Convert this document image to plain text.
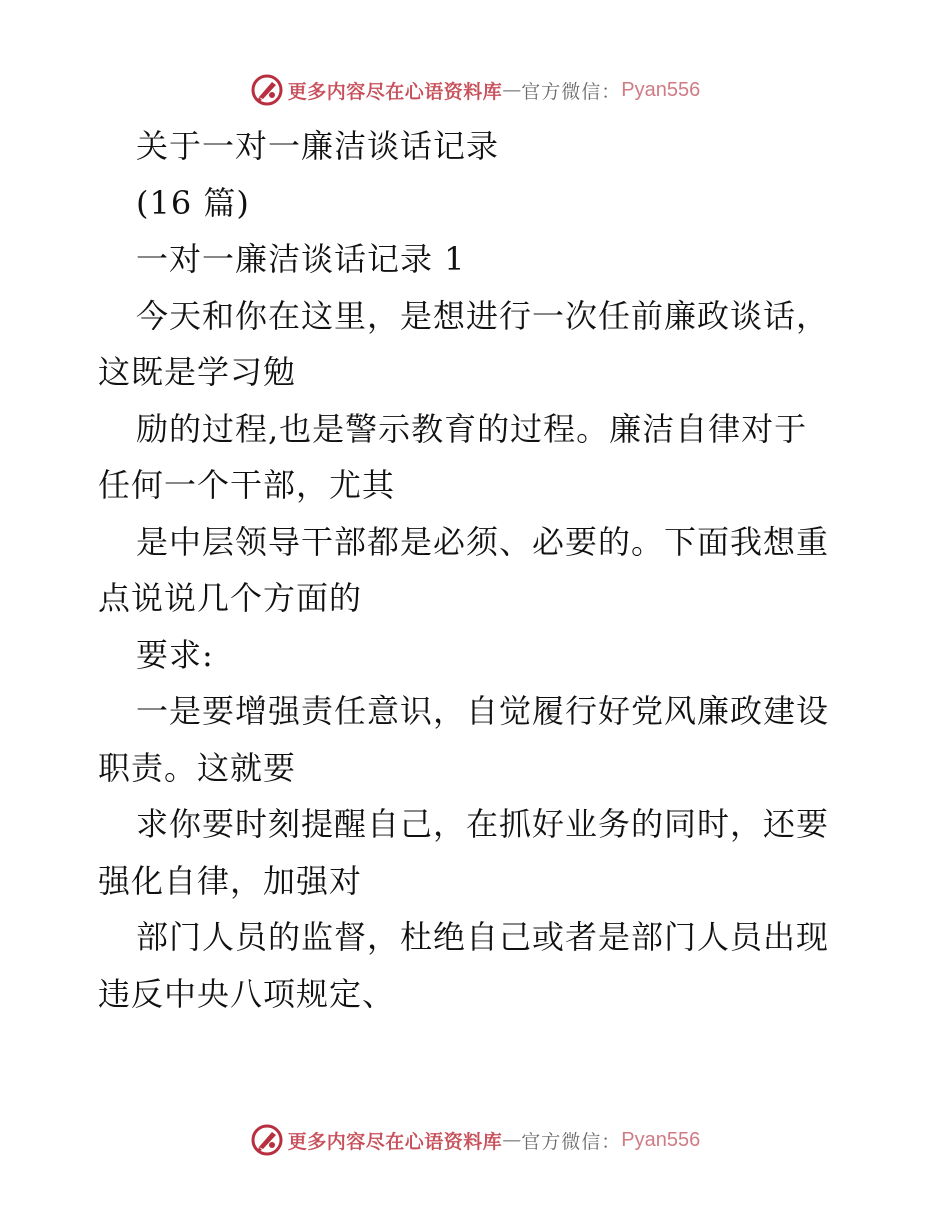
更多内容尽在心语资料库 — 官方微信： Pyan556
关于一对一廉洁谈话记录
(16 篇)
一对一廉洁谈话记录 1
今天和你在这里，是想进行一次任前廉政谈话，
这既是学习勉
励的过程,也是警示教育的过程。廉洁自律对于
任何一个干部，尤其
是中层领导干部都是必须、必要的。下面我想重
点说说几个方面的
要求:
一是要增强责任意识，自觉履行好党风廉政建设
职责。这就要
求你要时刻提醒自己，在抓好业务的同时，还要
强化自律，加强对
部门人员的监督，杜绝自己或者是部门人员出现
违反中央八项规定、
更多内容尽在心语资料库 — 官方微信： Pyan556
